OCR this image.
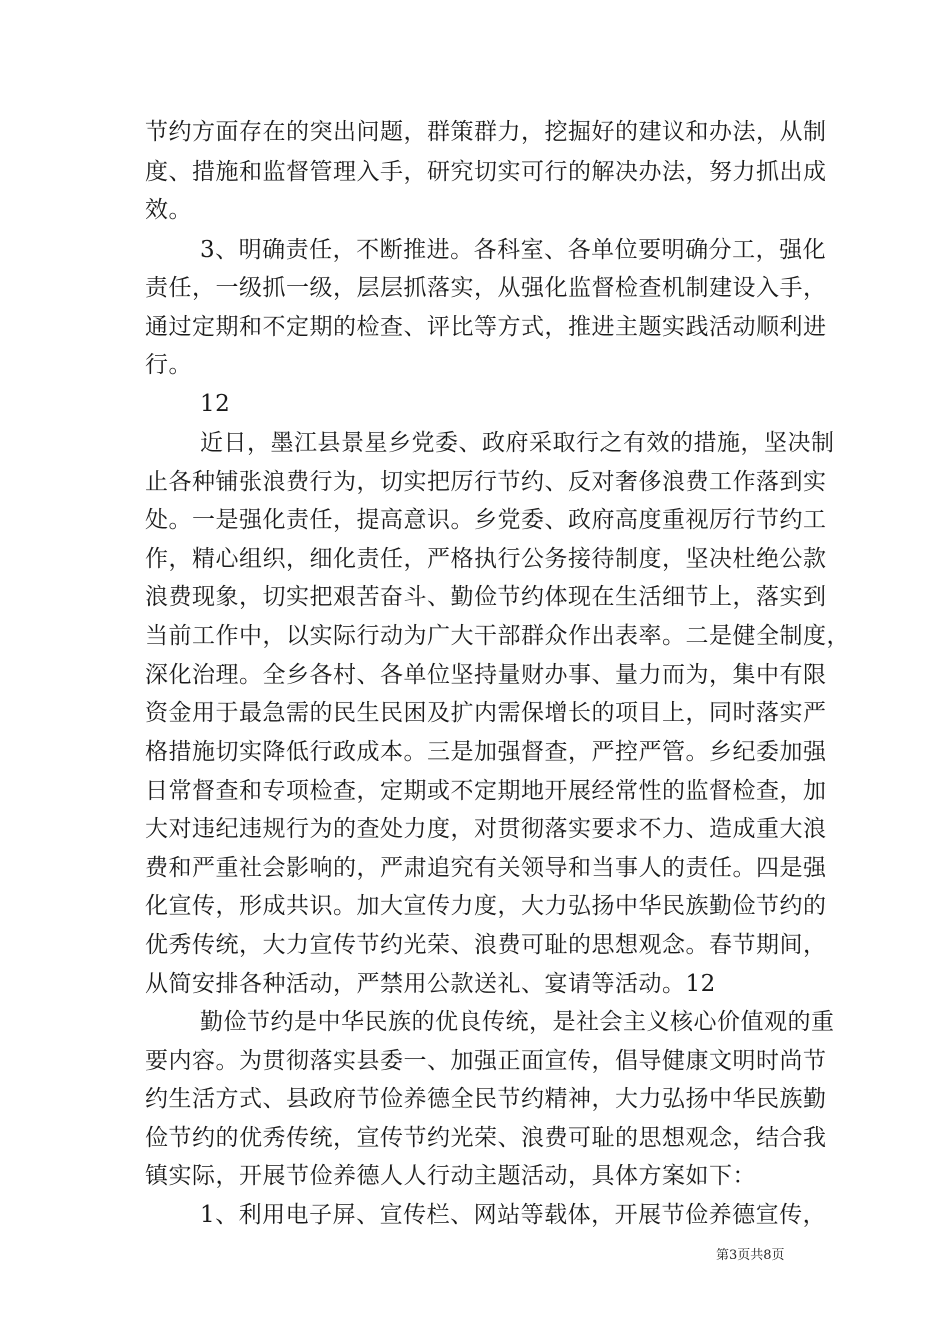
节约方面存在的突出问题，群策群力，挖掘好的建议和办法，从制
度、措施和监督管理入手，研究切实可行的解决办法，努力抓出成
效。
3、明确责任，不断推进。各科室、各单位要明确分工，强化
责任，一级抓一级，层层抓落实，从强化监督检查机制建设入手，
通过定期和不定期的检查、评比等方式，推进主题实践活动顺利进
行。
12
近日，墨江县景星乡党委、政府采取行之有效的措施，坚决制
止各种铺张浪费行为，切实把厉行节约、反对奢侈浪费工作落到实
处。一是强化责任，提高意识。乡党委、政府高度重视厉行节约工
作，精心组织，细化责任，严格执行公务接待制度，坚决杜绝公款
浪费现象，切实把艰苦奋斗、勤俭节约体现在生活细节上，落实到
当前工作中，以实际行动为广大干部群众作出表率。二是健全制度，
深化治理。全乡各村、各单位坚持量财办事、量力而为，集中有限
资金用于最急需的民生民困及扩内需保增长的项目上，同时落实严
格措施切实降低行政成本。三是加强督查，严控严管。乡纪委加强
日常督查和专项检查，定期或不定期地开展经常性的监督检查，加
大对违纪违规行为的查处力度，对贯彻落实要求不力、造成重大浪
费和严重社会影响的，严肃追究有关领导和当事人的责任。四是强
化宣传，形成共识。加大宣传力度，大力弘扬中华民族勤俭节约的
优秀传统，大力宣传节约光荣、浪费可耻的思想观念。春节期间，
从简安排各种活动，严禁用公款送礼、宴请等活动。12
勤俭节约是中华民族的优良传统，是社会主义核心价值观的重
要内容。为贯彻落实县委一、加强正面宣传，倡导健康文明时尚节
约生活方式、县政府节俭养德全民节约精神，大力弘扬中华民族勤
俭节约的优秀传统，宣传节约光荣、浪费可耻的思想观念，结合我
镇实际，开展节俭养德人人行动主题活动，具体方案如下：
1、利用电子屏、宣传栏、网站等载体，开展节俭养德宣传，
第3页共8页
